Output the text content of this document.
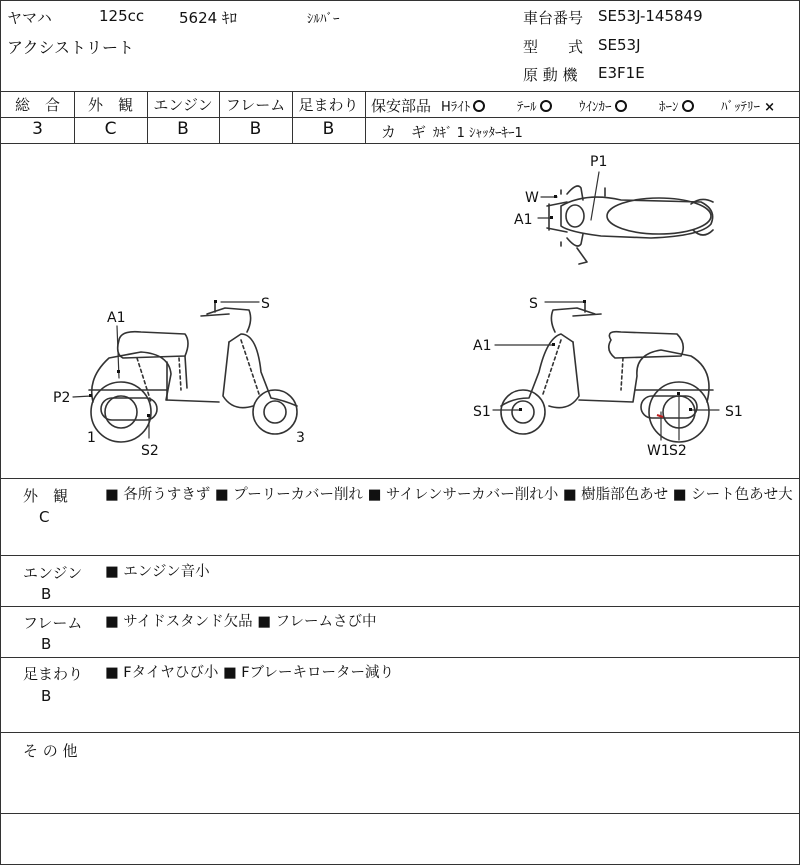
ヤマハ	125cc 5624 ｷﾛ	ｼﾙﾊﾞｰ
アクシストリート
車台番号 SE53J-145849
型　　式 SE53J
原 動 機 E3F1E
総　合	外　観	エンジン フレーム 足まわり
3	C	B	B	B
保安部品 Hﾗｲﾄ	ﾃｰﾙ	ｳｲﾝｶｰ	ﾎｰﾝ	ﾊﾞｯﾃﾘｰ ×
カ　ギ ｶｷﾞ 1 ｼｬｯﾀｰｷｰ1
P1
W
A1
S
A1
P2
1
S2
3
S
A1
S1	S1
W1 S2
外　観
C
■ 各所うすきず ■ プーリーカバー削れ ■ サイレンサーカバー削れ小 ■ 樹脂部色あせ ■ シート色あせ大
エンジン
B
■ エンジン音小
フレーム
B
■ サイドスタンド欠品 ■ フレームさび中
足まわり
B
■ Fタイヤひび小 ■ Fブレーキローター減り
そ の 他
